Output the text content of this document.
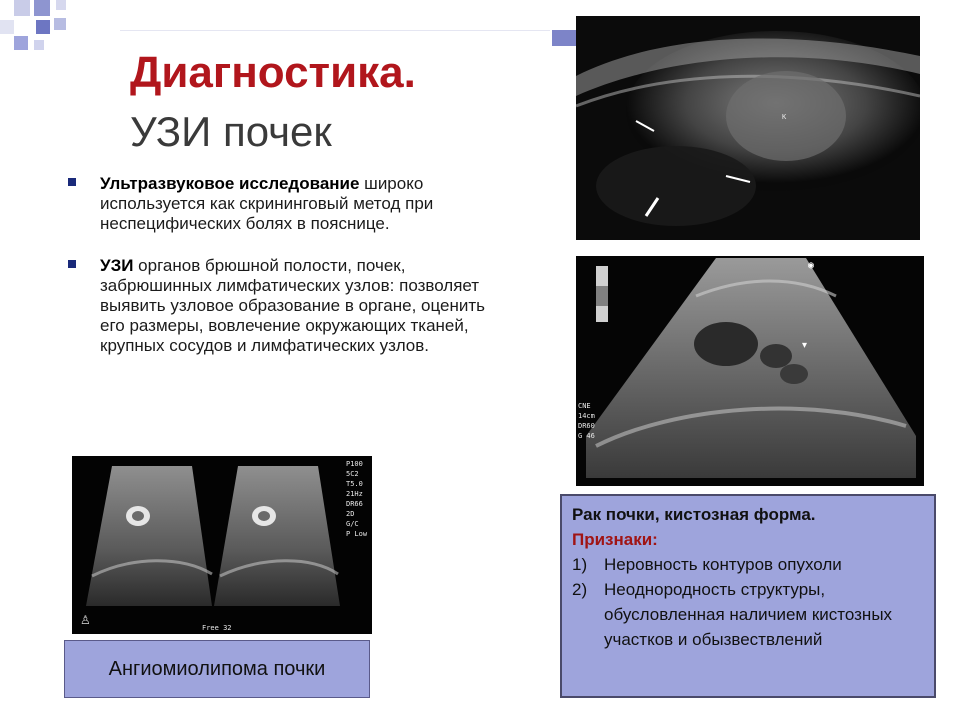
Диагностика.
УЗИ почек
Ультразвуковое исследование широко используется как скрининговый метод при неспецифических болях в пояснице.
УЗИ органов брюшной полости, почек, забрюшинных лимфатических узлов: позволяет выявить узловое образование в органе, оценить его размеры, вовлечение окружающих тканей, крупных сосудов и лимфатических узлов.
K
◉
▾
CNE
14cm
DR60
G 46
♙
Free 32
P100
5C2
T5.0
21Hz
DR66
2D
G/C
P Low
Ангиомиолипома почки
Рак почки, кистозная форма.
Признаки:
1) Неровность контуров опухоли
2) Неоднородность структуры, обусловленная наличием кистозных участков и обызвествлений
